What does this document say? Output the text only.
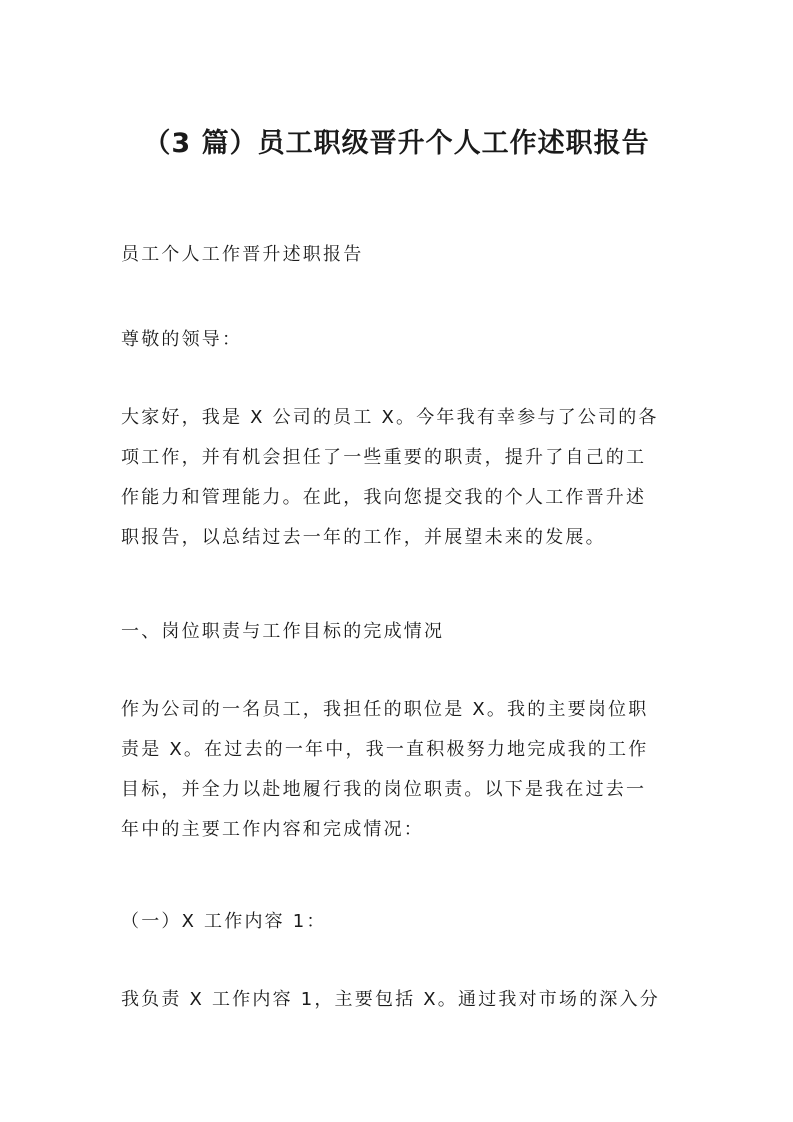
（3 篇）员工职级晋升个人工作述职报告

员工个人工作晋升述职报告

尊敬的领导：

大家好，我是 X 公司的员工 X。今年我有幸参与了公司的各
项工作，并有机会担任了一些重要的职责，提升了自己的工
作能力和管理能力。在此，我向您提交我的个人工作晋升述
职报告，以总结过去一年的工作，并展望未来的发展。

一、岗位职责与工作目标的完成情况

作为公司的一名员工，我担任的职位是 X。我的主要岗位职
责是 X。在过去的一年中，我一直积极努力地完成我的工作
目标，并全力以赴地履行我的岗位职责。以下是我在过去一
年中的主要工作内容和完成情况：

（一）X 工作内容 1：

我负责 X 工作内容 1，主要包括 X。通过我对市场的深入分
